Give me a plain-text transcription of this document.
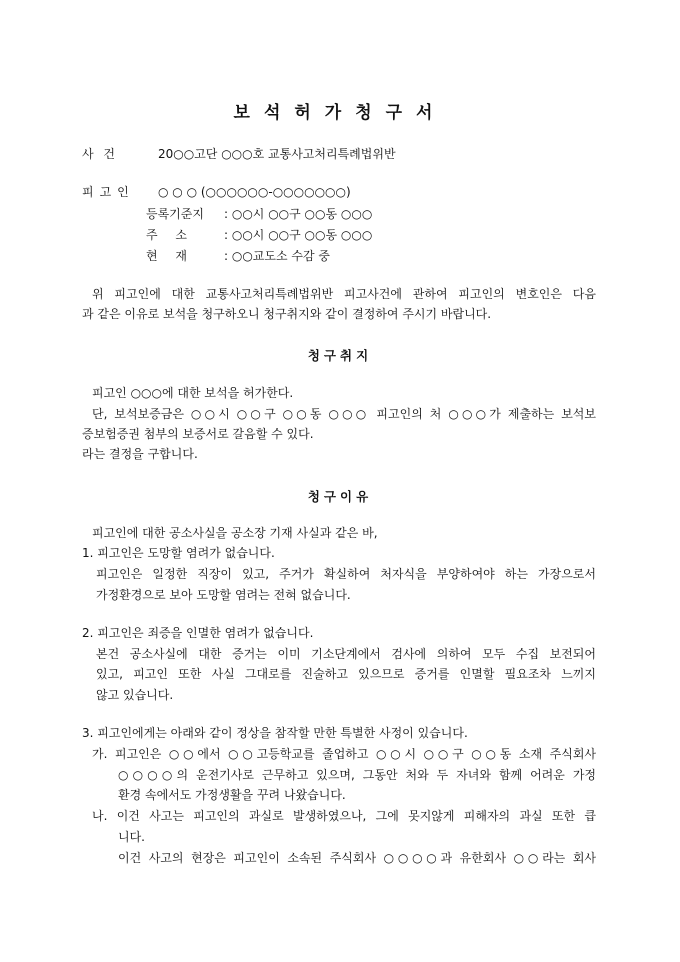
보석허가청구서
사 건	20○○고단 ○○○호 교통사고처리특례법위반
피고인 ○ ○ ○ (○○○○○○-○○○○○○○)
등록기준지 : ○○시 ○○구 ○○동 ○○○
주 소	: ○○시 ○○구 ○○동 ○○○
현 재	: ○○교도소 수감 중
위 피고인에 대한 교통사고처리특례법위반 피고사건에 관하여 피고인의 변호인은 다음
과 같은 이유로 보석을 청구하오니 청구취지와 같이 결정하여 주시기 바랍니다.
청구취지
피고인 ○○○에 대한 보석을 허가한다.
단, 보석보증금은 ○○시 ○○구 ○○동 ○○○ 피고인의 처 ○○○가 제출하는 보석보
증보험증권 첨부의 보증서로 갈음할 수 있다.
라는 결정을 구합니다.
청구이유
피고인에 대한 공소사실을 공소장 기재 사실과 같은 바,
1. 피고인은 도망할 염려가 없습니다.
피고인은 일정한 직장이 있고, 주거가 확실하여 처자식을 부양하여야 하는 가장으로서
가정환경으로 보아 도망할 염려는 전혀 없습니다.
2. 피고인은 죄증을 인멸한 염려가 없습니다.
본건 공소사실에 대한 증거는 이미 기소단계에서 검사에 의하여 모두 수집 보전되어
있고, 피고인 또한 사실 그대로를 진술하고 있으므로 증거를 인멸할 필요조차 느끼지
않고 있습니다.
3. 피고인에게는 아래와 같이 정상을 참작할 만한 특별한 사정이 있습니다.
가. 피고인은 ○○에서 ○○고등학교를 졸업하고 ○○시 ○○구 ○○동 소재 주식회사
○○○○의 운전기사로 근무하고 있으며, 그동안 처와 두 자녀와 함께 어려운 가정
환경 속에서도 가정생활을 꾸려 나왔습니다.
나. 이건 사고는 피고인의 과실로 발생하였으나, 그에 못지않게 피해자의 과실 또한 큽
니다.
이건 사고의 현장은 피고인이 소속된 주식회사 ○○○○과 유한회사 ○○라는 회사
